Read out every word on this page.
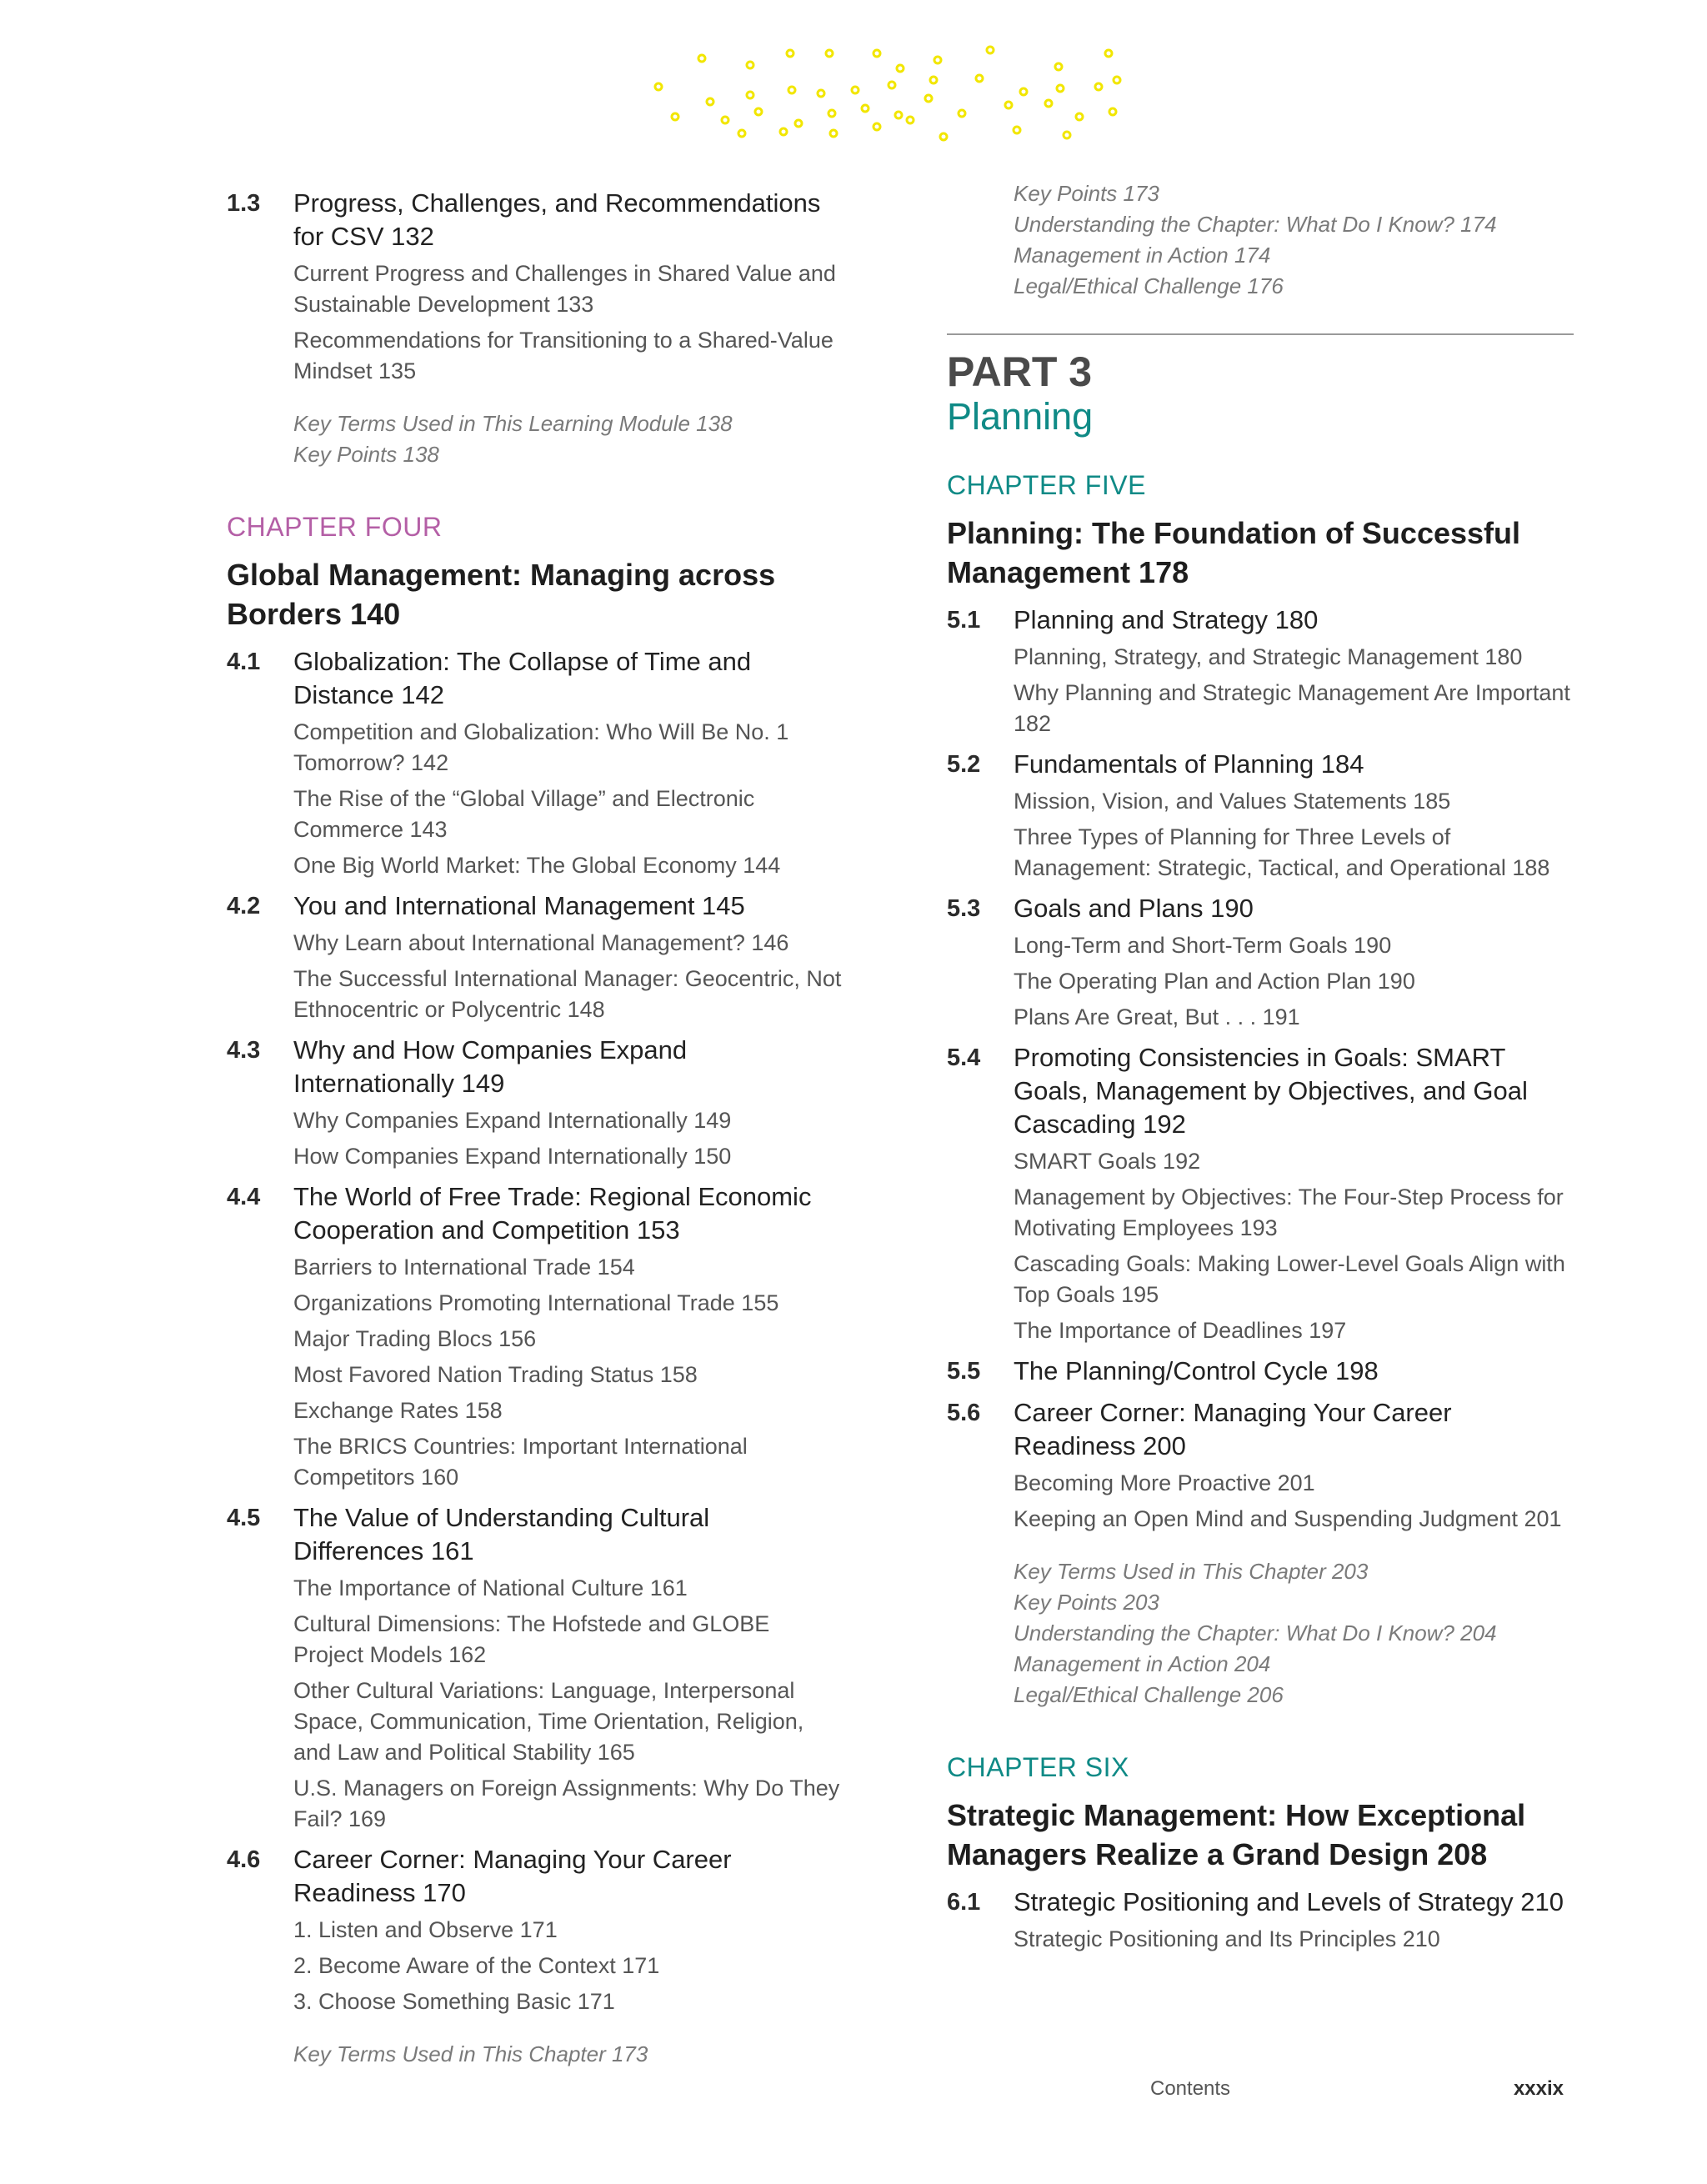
1.3	Progress, Challenges, and Recommendations for CSV 132
Current Progress and Challenges in Shared Value and Sustainable Development 133
Recommendations for Transitioning to a Shared-Value Mindset 135
Key Terms Used in This Learning Module 138
Key Points 138
CHAPTER FOUR
Global Management: Managing across Borders 140
4.1	Globalization: The Collapse of Time and Distance 142
Competition and Globalization: Who Will Be No. 1 Tomorrow? 142
The Rise of the “Global Village” and Electronic Commerce 143
One Big World Market: The Global Economy 144
4.2	You and International Management 145
Why Learn about International Management? 146
The Successful International Manager: Geocentric, Not Ethnocentric or Polycentric 148
4.3	Why and How Companies Expand Internationally 149
Why Companies Expand Internationally 149
How Companies Expand Internationally 150
4.4	The World of Free Trade: Regional Economic Cooperation and Competition 153
Barriers to International Trade 154
Organizations Promoting International Trade 155
Major Trading Blocs 156
Most Favored Nation Trading Status 158
Exchange Rates 158
The BRICS Countries: Important International Competitors 160
4.5	The Value of Understanding Cultural Differences 161
The Importance of National Culture 161
Cultural Dimensions: The Hofstede and GLOBE Project Models 162
Other Cultural Variations: Language, Interpersonal Space, Communication, Time Orientation, Religion, and Law and Political Stability 165
U.S. Managers on Foreign Assignments: Why Do They Fail? 169
4.6	Career Corner: Managing Your Career Readiness 170
1. Listen and Observe 171
2. Become Aware of the Context 171
3. Choose Something Basic 171
Key Terms Used in This Chapter 173
Key Points 173
Understanding the Chapter: What Do I Know? 174
Management in Action 174
Legal/Ethical Challenge 176
PART 3
Planning
CHAPTER FIVE
Planning: The Foundation of Successful Management 178
5.1	Planning and Strategy 180
Planning, Strategy, and Strategic Management 180
Why Planning and Strategic Management Are Important 182
5.2	Fundamentals of Planning 184
Mission, Vision, and Values Statements 185
Three Types of Planning for Three Levels of Management: Strategic, Tactical, and Operational 188
5.3	Goals and Plans 190
Long-Term and Short-Term Goals 190
The Operating Plan and Action Plan 190
Plans Are Great, But . . . 191
5.4	Promoting Consistencies in Goals: SMART Goals, Management by Objectives, and Goal Cascading 192
SMART Goals 192
Management by Objectives: The Four-Step Process for Motivating Employees 193
Cascading Goals: Making Lower-Level Goals Align with Top Goals 195
The Importance of Deadlines 197
5.5	The Planning/Control Cycle 198
5.6	Career Corner: Managing Your Career Readiness 200
Becoming More Proactive 201
Keeping an Open Mind and Suspending Judgment 201
Key Terms Used in This Chapter 203
Key Points 203
Understanding the Chapter: What Do I Know? 204
Management in Action 204
Legal/Ethical Challenge 206
CHAPTER SIX
Strategic Management: How Exceptional Managers Realize a Grand Design 208
6.1	Strategic Positioning and Levels of Strategy 210
Strategic Positioning and Its Principles 210
Contents	xxxix
